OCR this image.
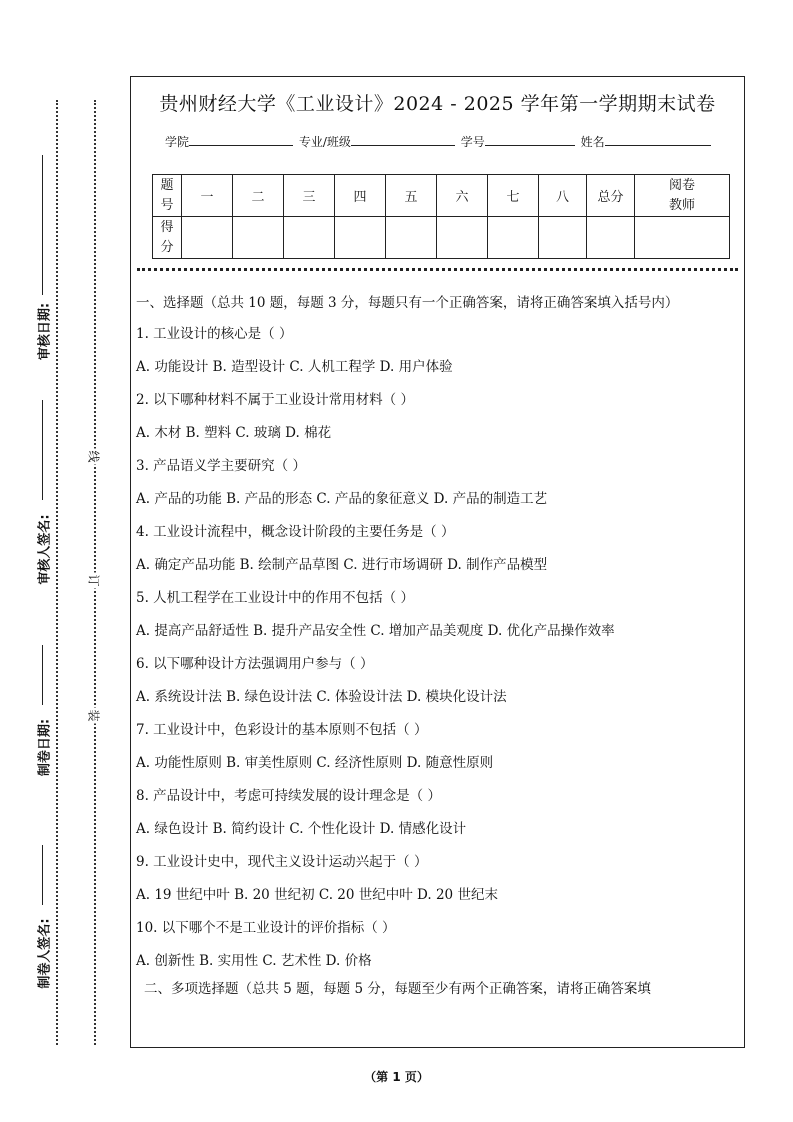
审核日期:
审核人签名:
制卷日期:
制卷人签名:
线
订
装
贵州财经大学《工业设计》2024 - 2025 学年第一学期期末试卷
学院	专业/班级	学号	姓名
题号	一	二	三	四	五	六	七	八	总分	阅卷教师

得分										

一、选择题（总共 10 题，每题 3 分，每题只有一个正确答案，请将正确答案填入括号内）

1. 工业设计的核心是（ ）

A. 功能设计 B. 造型设计 C. 人机工程学 D. 用户体验

2. 以下哪种材料不属于工业设计常用材料（ ）

A. 木材 B. 塑料 C. 玻璃 D. 棉花

3. 产品语义学主要研究（ ）

A. 产品的功能 B. 产品的形态 C. 产品的象征意义 D. 产品的制造工艺

4. 工业设计流程中，概念设计阶段的主要任务是（ ）

A. 确定产品功能 B. 绘制产品草图 C. 进行市场调研 D. 制作产品模型

5. 人机工程学在工业设计中的作用不包括（ ）

A. 提高产品舒适性 B. 提升产品安全性 C. 增加产品美观度 D. 优化产品操作效率

6. 以下哪种设计方法强调用户参与（ ）

A. 系统设计法 B. 绿色设计法 C. 体验设计法 D. 模块化设计法

7. 工业设计中，色彩设计的基本原则不包括（ ）

A. 功能性原则 B. 审美性原则 C. 经济性原则 D. 随意性原则

8. 产品设计中，考虑可持续发展的设计理念是（ ）

A. 绿色设计 B. 简约设计 C. 个性化设计 D. 情感化设计

9. 工业设计史中，现代主义设计运动兴起于（ ）

A. 19 世纪中叶 B. 20 世纪初 C. 20 世纪中叶 D. 20 世纪末

10. 以下哪个不是工业设计的评价指标（ ）

A. 创新性 B. 实用性 C. 艺术性 D. 价格

二、多项选择题（总共 5 题，每题 5 分，每题至少有两个正确答案，请将正确答案填

（第 1 页）
